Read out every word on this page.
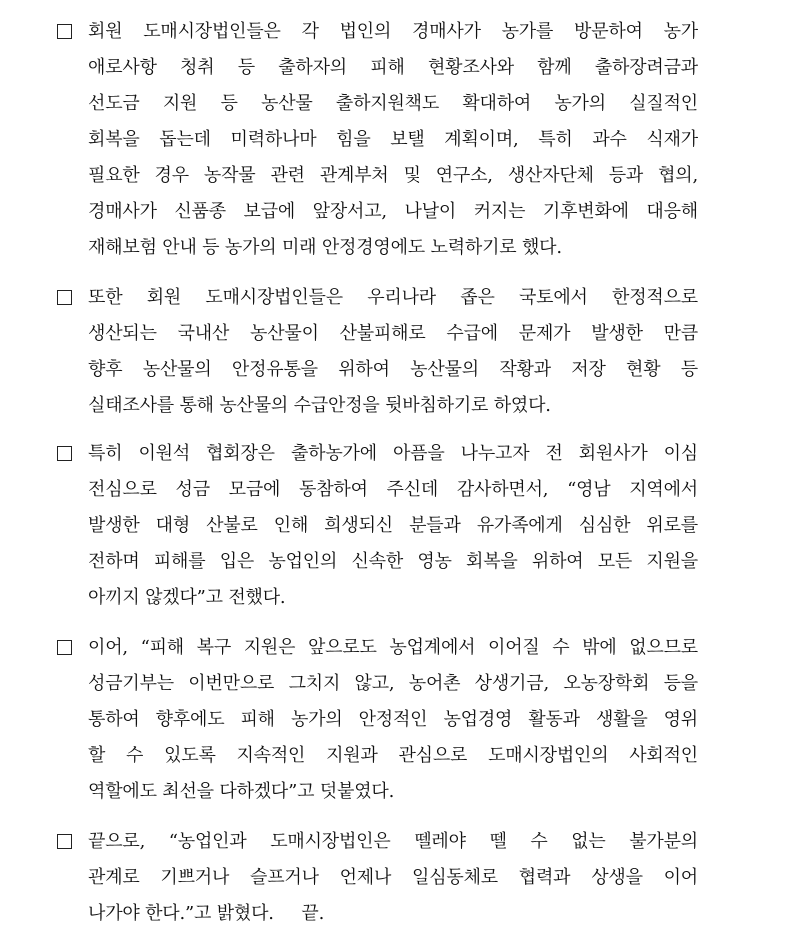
회원 도매시장법인들은 각 법인의 경매사가 농가를 방문하여 농가
애로사항 청취 등 출하자의 피해 현황조사와 함께 출하장려금과
선도금 지원 등 농산물 출하지원책도 확대하여 농가의 실질적인
회복을 돕는데 미력하나마 힘을 보탤 계획이며, 특히 과수 식재가
필요한 경우 농작물 관련 관계부처 및 연구소, 생산자단체 등과 협의,
경매사가 신품종 보급에 앞장서고, 나날이 커지는 기후변화에 대응해
재해보험 안내 등 농가의 미래 안정경영에도 노력하기로 했다.
또한 회원 도매시장법인들은 우리나라 좁은 국토에서 한정적으로
생산되는 국내산 농산물이 산불피해로 수급에 문제가 발생한 만큼
향후 농산물의 안정유통을 위하여 농산물의 작황과 저장 현황 등
실태조사를 통해 농산물의 수급안정을 뒷바침하기로 하였다.
특히 이원석 협회장은 출하농가에 아픔을 나누고자 전 회원사가 이심
전심으로 성금 모금에 동참하여 주신데 감사하면서, “영남 지역에서
발생한 대형 산불로 인해 희생되신 분들과 유가족에게 심심한 위로를
전하며 피해를 입은 농업인의 신속한 영농 회복을 위하여 모든 지원을
아끼지 않겠다”고 전했다.
이어, “피해 복구 지원은 앞으로도 농업계에서 이어질 수 밖에 없으므로
성금기부는 이번만으로 그치지 않고, 농어촌 상생기금, 오농장학회 등을
통하여 향후에도 피해 농가의 안정적인 농업경영 활동과 생활을 영위
할 수 있도록 지속적인 지원과 관심으로 도매시장법인의 사회적인
역할에도 최선을 다하겠다”고 덧붙였다.
끝으로, “농업인과 도매시장법인은 뗄레야 뗄 수 없는 불가분의
관계로 기쁘거나 슬프거나 언제나 일심동체로 협력과 상생을 이어
나가야 한다.”고 밝혔다.     끝.
